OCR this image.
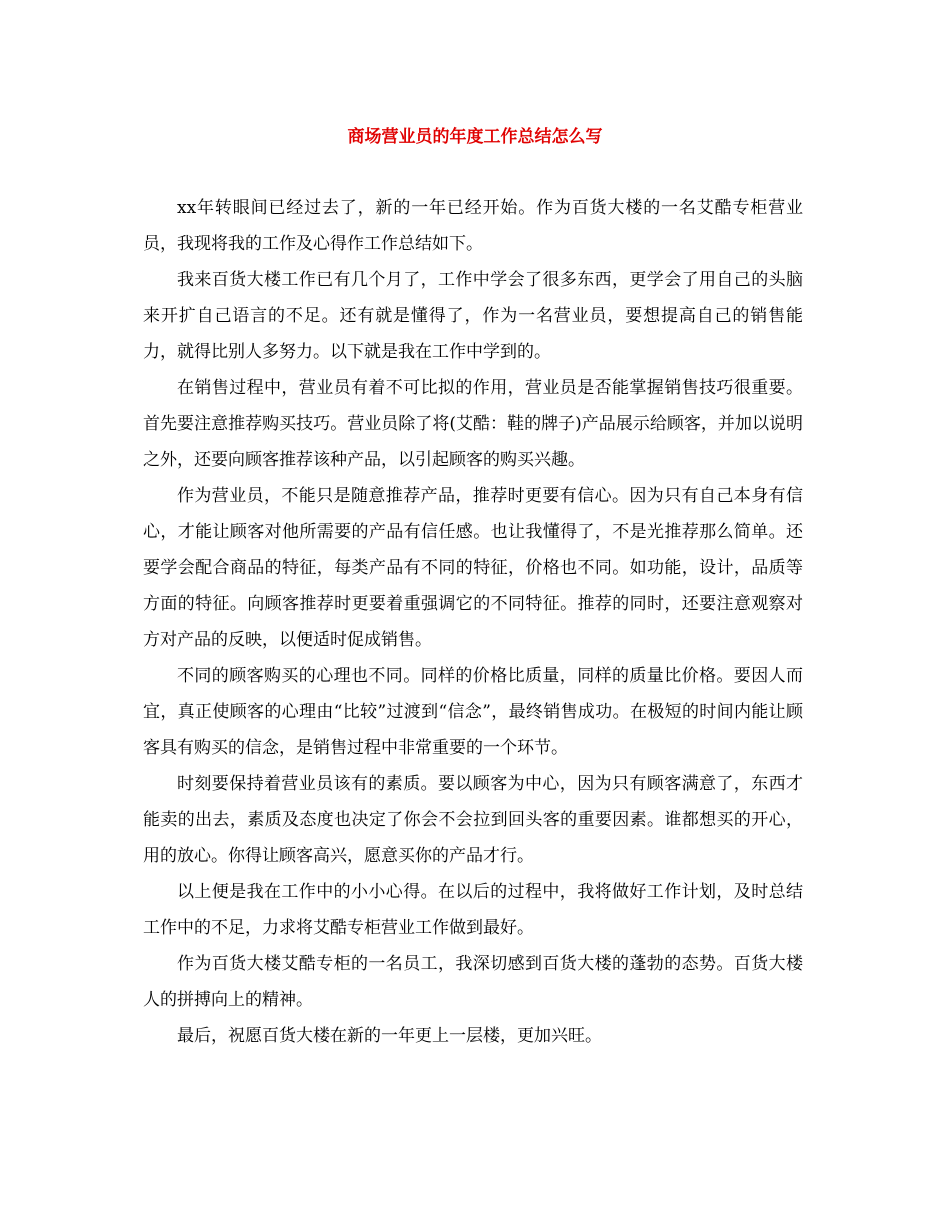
商场营业员的年度工作总结怎么写

xx年转眼间已经过去了，新的一年已经开始。作为百货大楼的一名艾酷专柜营业员，我现将我的工作及心得作工作总结如下。

我来百货大楼工作已有几个月了，工作中学会了很多东西，更学会了用自己的头脑来开扩自己语言的不足。还有就是懂得了，作为一名营业员，要想提高自己的销售能力，就得比别人多努力。以下就是我在工作中学到的。

在销售过程中，营业员有着不可比拟的作用，营业员是否能掌握销售技巧很重要。首先要注意推荐购买技巧。营业员除了将(艾酷：鞋的牌子)产品展示给顾客，并加以说明之外，还要向顾客推荐该种产品，以引起顾客的购买兴趣。

作为营业员，不能只是随意推荐产品，推荐时更要有信心。因为只有自己本身有信心，才能让顾客对他所需要的产品有信任感。也让我懂得了，不是光推荐那么简单。还要学会配合商品的特征，每类产品有不同的特征，价格也不同。如功能，设计，品质等方面的特征。向顾客推荐时更要着重强调它的不同特征。推荐的同时，还要注意观察对方对产品的反映，以便适时促成销售。

不同的顾客购买的心理也不同。同样的价格比质量，同样的质量比价格。要因人而宜，真正使顾客的心理由“比较”过渡到“信念”，最终销售成功。在极短的时间内能让顾客具有购买的信念，是销售过程中非常重要的一个环节。

时刻要保持着营业员该有的素质。要以顾客为中心，因为只有顾客满意了，东西才能卖的出去，素质及态度也决定了你会不会拉到回头客的重要因素。谁都想买的开心，用的放心。你得让顾客高兴，愿意买你的产品才行。

以上便是我在工作中的小小心得。在以后的过程中，我将做好工作计划，及时总结工作中的不足，力求将艾酷专柜营业工作做到最好。

作为百货大楼艾酷专柜的一名员工，我深切感到百货大楼的蓬勃的态势。百货大楼人的拼搏向上的精神。

最后，祝愿百货大楼在新的一年更上一层楼，更加兴旺。
